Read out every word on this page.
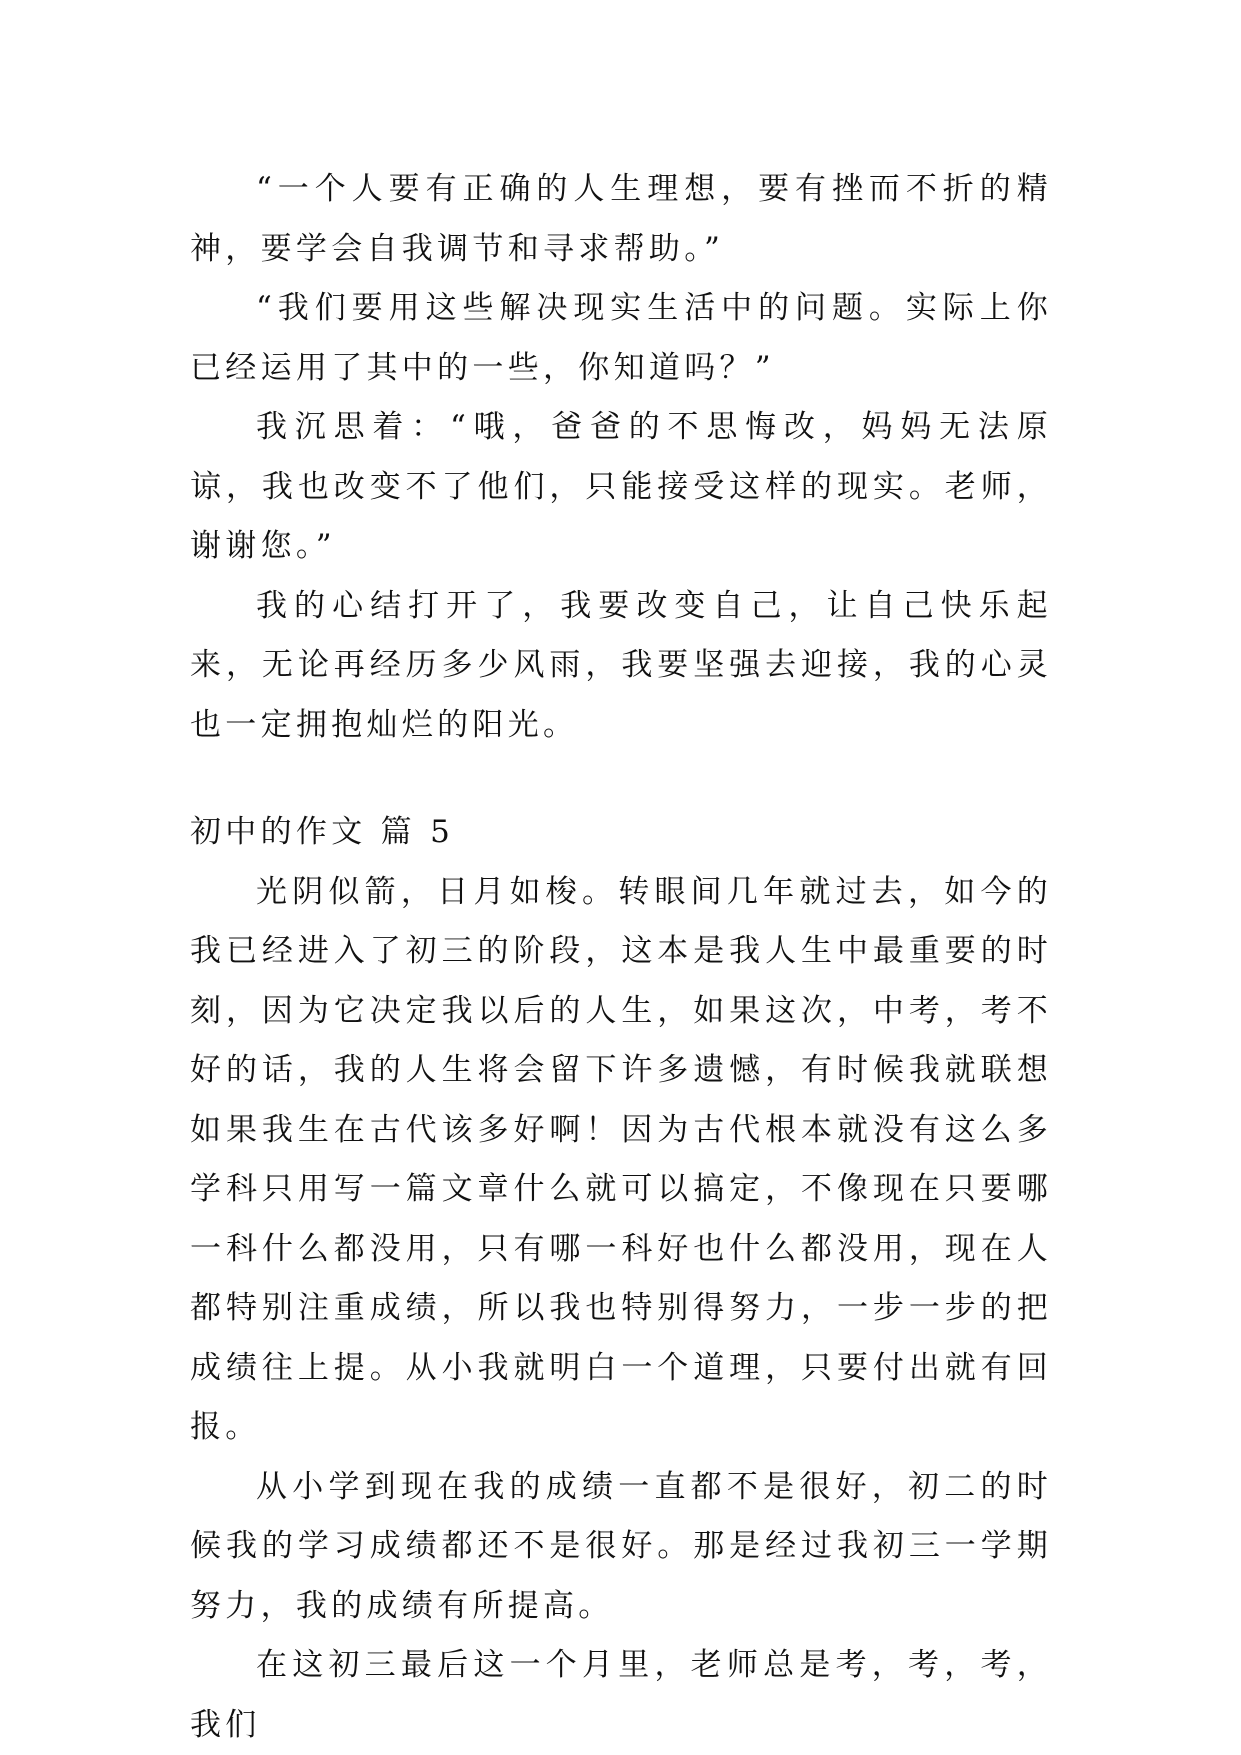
“一个人要有正确的人生理想，要有挫而不折的精神，要学会自我调节和寻求帮助。”

“我们要用这些解决现实生活中的问题。实际上你已经运用了其中的一些，你知道吗？”

我沉思着：“哦，爸爸的不思悔改，妈妈无法原谅，我也改变不了他们，只能接受这样的现实。老师，谢谢您。”

我的心结打开了，我要改变自己，让自己快乐起来，无论再经历多少风雨，我要坚强去迎接，我的心灵也一定拥抱灿烂的阳光。

初中的作文 篇 5

光阴似箭，日月如梭。转眼间几年就过去，如今的我已经进入了初三的阶段，这本是我人生中最重要的时刻，因为它决定我以后的人生，如果这次，中考，考不好的话，我的人生将会留下许多遗憾，有时候我就联想如果我生在古代该多好啊！因为古代根本就没有这么多学科只用写一篇文章什么就可以搞定，不像现在只要哪一科什么都没用，只有哪一科好也什么都没用，现在人都特别注重成绩，所以我也特别得努力，一步一步的把成绩往上提。从小我就明白一个道理，只要付出就有回报。

从小学到现在我的成绩一直都不是很好，初二的时候我的学习成绩都还不是很好。那是经过我初三一学期努力，我的成绩有所提高。

在这初三最后这一个月里，老师总是考，考，考，我们
